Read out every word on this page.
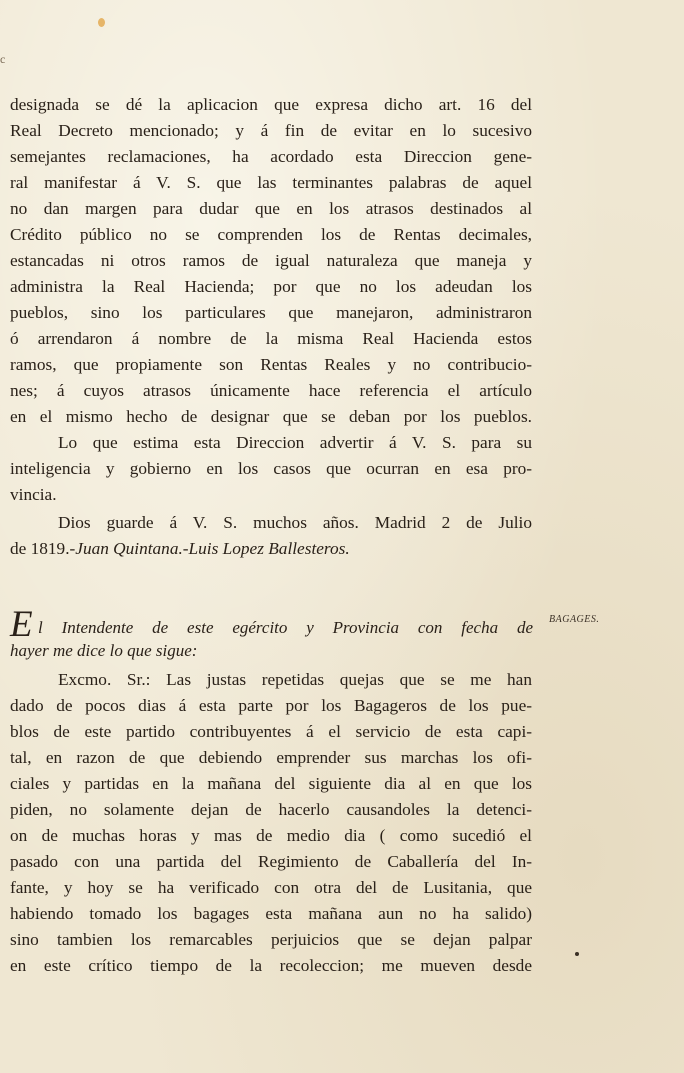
c
designada se dé la aplicacion que expresa dicho art. 16 del
Real Decreto mencionado; y á fin de evitar en lo sucesivo
semejantes reclamaciones, ha acordado esta Direccion gene-
ral manifestar á V. S. que las terminantes palabras de aquel
no dan margen para dudar que en los atrasos destinados al
Crédito público no se comprenden los de Rentas decimales,
estancadas ni otros ramos de igual naturaleza que maneja y
administra la Real Hacienda; por que no los adeudan los
pueblos, sino los particulares que manejaron, administraron
ó arrendaron á nombre de la misma Real Hacienda estos
ramos, que propiamente son Rentas Reales y no contribucio-
nes; á cuyos atrasos únicamente hace referencia el artículo
en el mismo hecho de designar que se deban por los pueblos.
Lo que estima esta Direccion advertir á V. S. para su
inteligencia y gobierno en los casos que ocurran en esa pro-
vincia.
Dios guarde á V. S. muchos años. Madrid 2 de Julio
de 1819.-Juan Quintana.-Luis Lopez Ballesteros.
E l Intendente de este egército y Provincia con fecha de
hayer me dice lo que sigue:
BAGAGES.
Excmo. Sr.: Las justas repetidas quejas que se me han
dado de pocos dias á esta parte por los Bagageros de los pue-
blos de este partido contribuyentes á el servicio de esta capi-
tal, en razon de que debiendo emprender sus marchas los ofi-
ciales y partidas en la mañana del siguiente dia al en que los
piden, no solamente dejan de hacerlo causandoles la detenci-
on de muchas horas y mas de medio dia ( como sucedió el
pasado con una partida del Regimiento de Caballería del In-
fante, y hoy se ha verificado con otra del de Lusitania, que
habiendo tomado los bagages esta mañana aun no ha salido)
sino tambien los remarcables perjuicios que se dejan palpar
en este crítico tiempo de la recoleccion; me mueven desde
